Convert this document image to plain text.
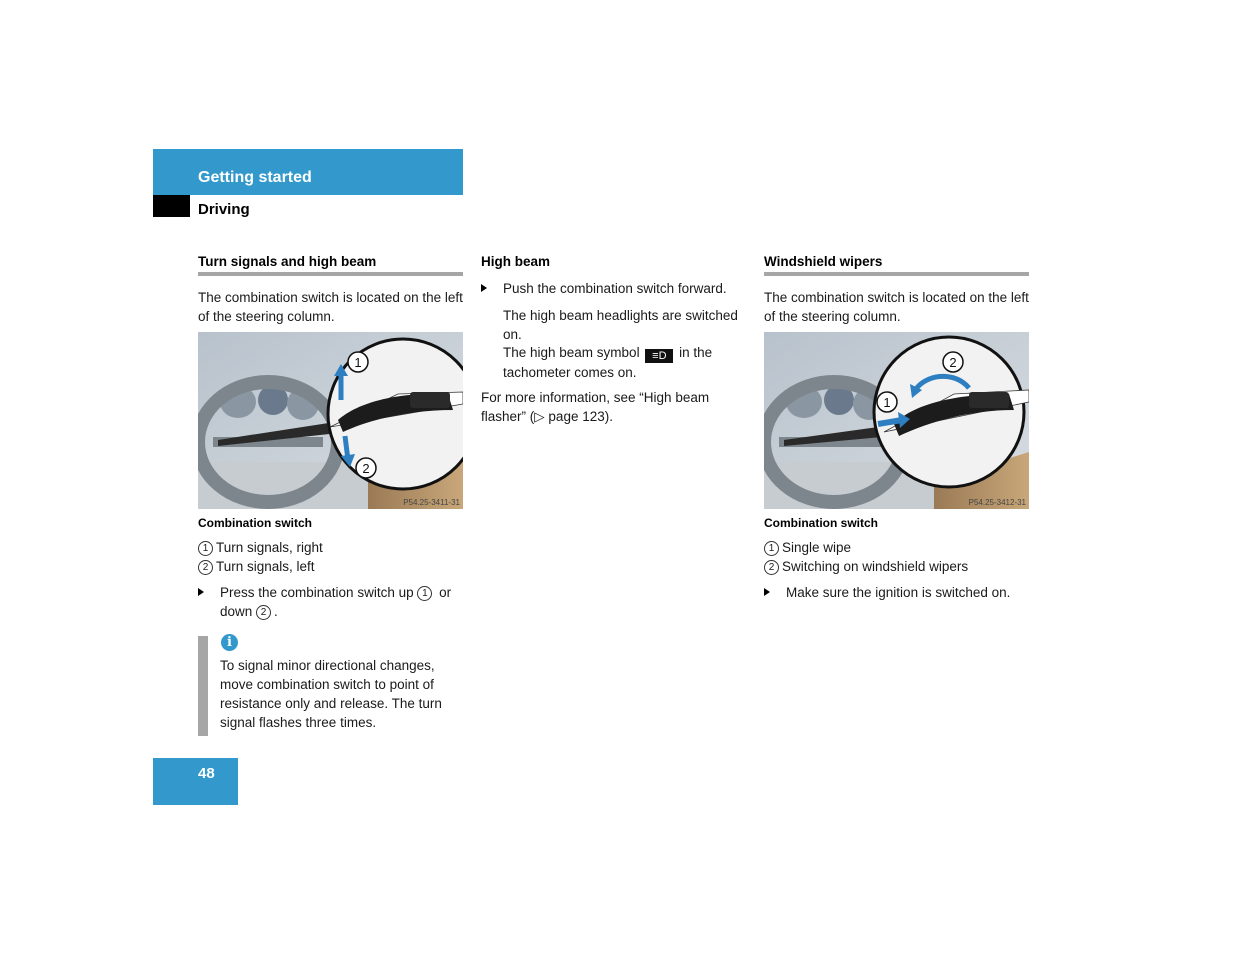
Getting started
Driving
Turn signals and high beam
The combination switch is located on the left of the steering column.
1
2
P54.25-3411-31
Combination switch
1 Turn signals, right
2 Turn signals, left
Press the combination switch up 1 or
down 2 .
i
To signal minor directional changes, move combination switch to point of resistance only and release. The turn signal flashes three times.
High beam
Push the combination switch forward.
The high beam headlights are switched on.
The high beam symbol ≡D in the tachometer comes on.
For more information, see “High beam flasher” (▷ page 123).
Windshield wipers
The combination switch is located on the left of the steering column.
2
1
P54.25-3412-31
Combination switch
1 Single wipe
2 Switching on windshield wipers
Make sure the ignition is switched on.
48
